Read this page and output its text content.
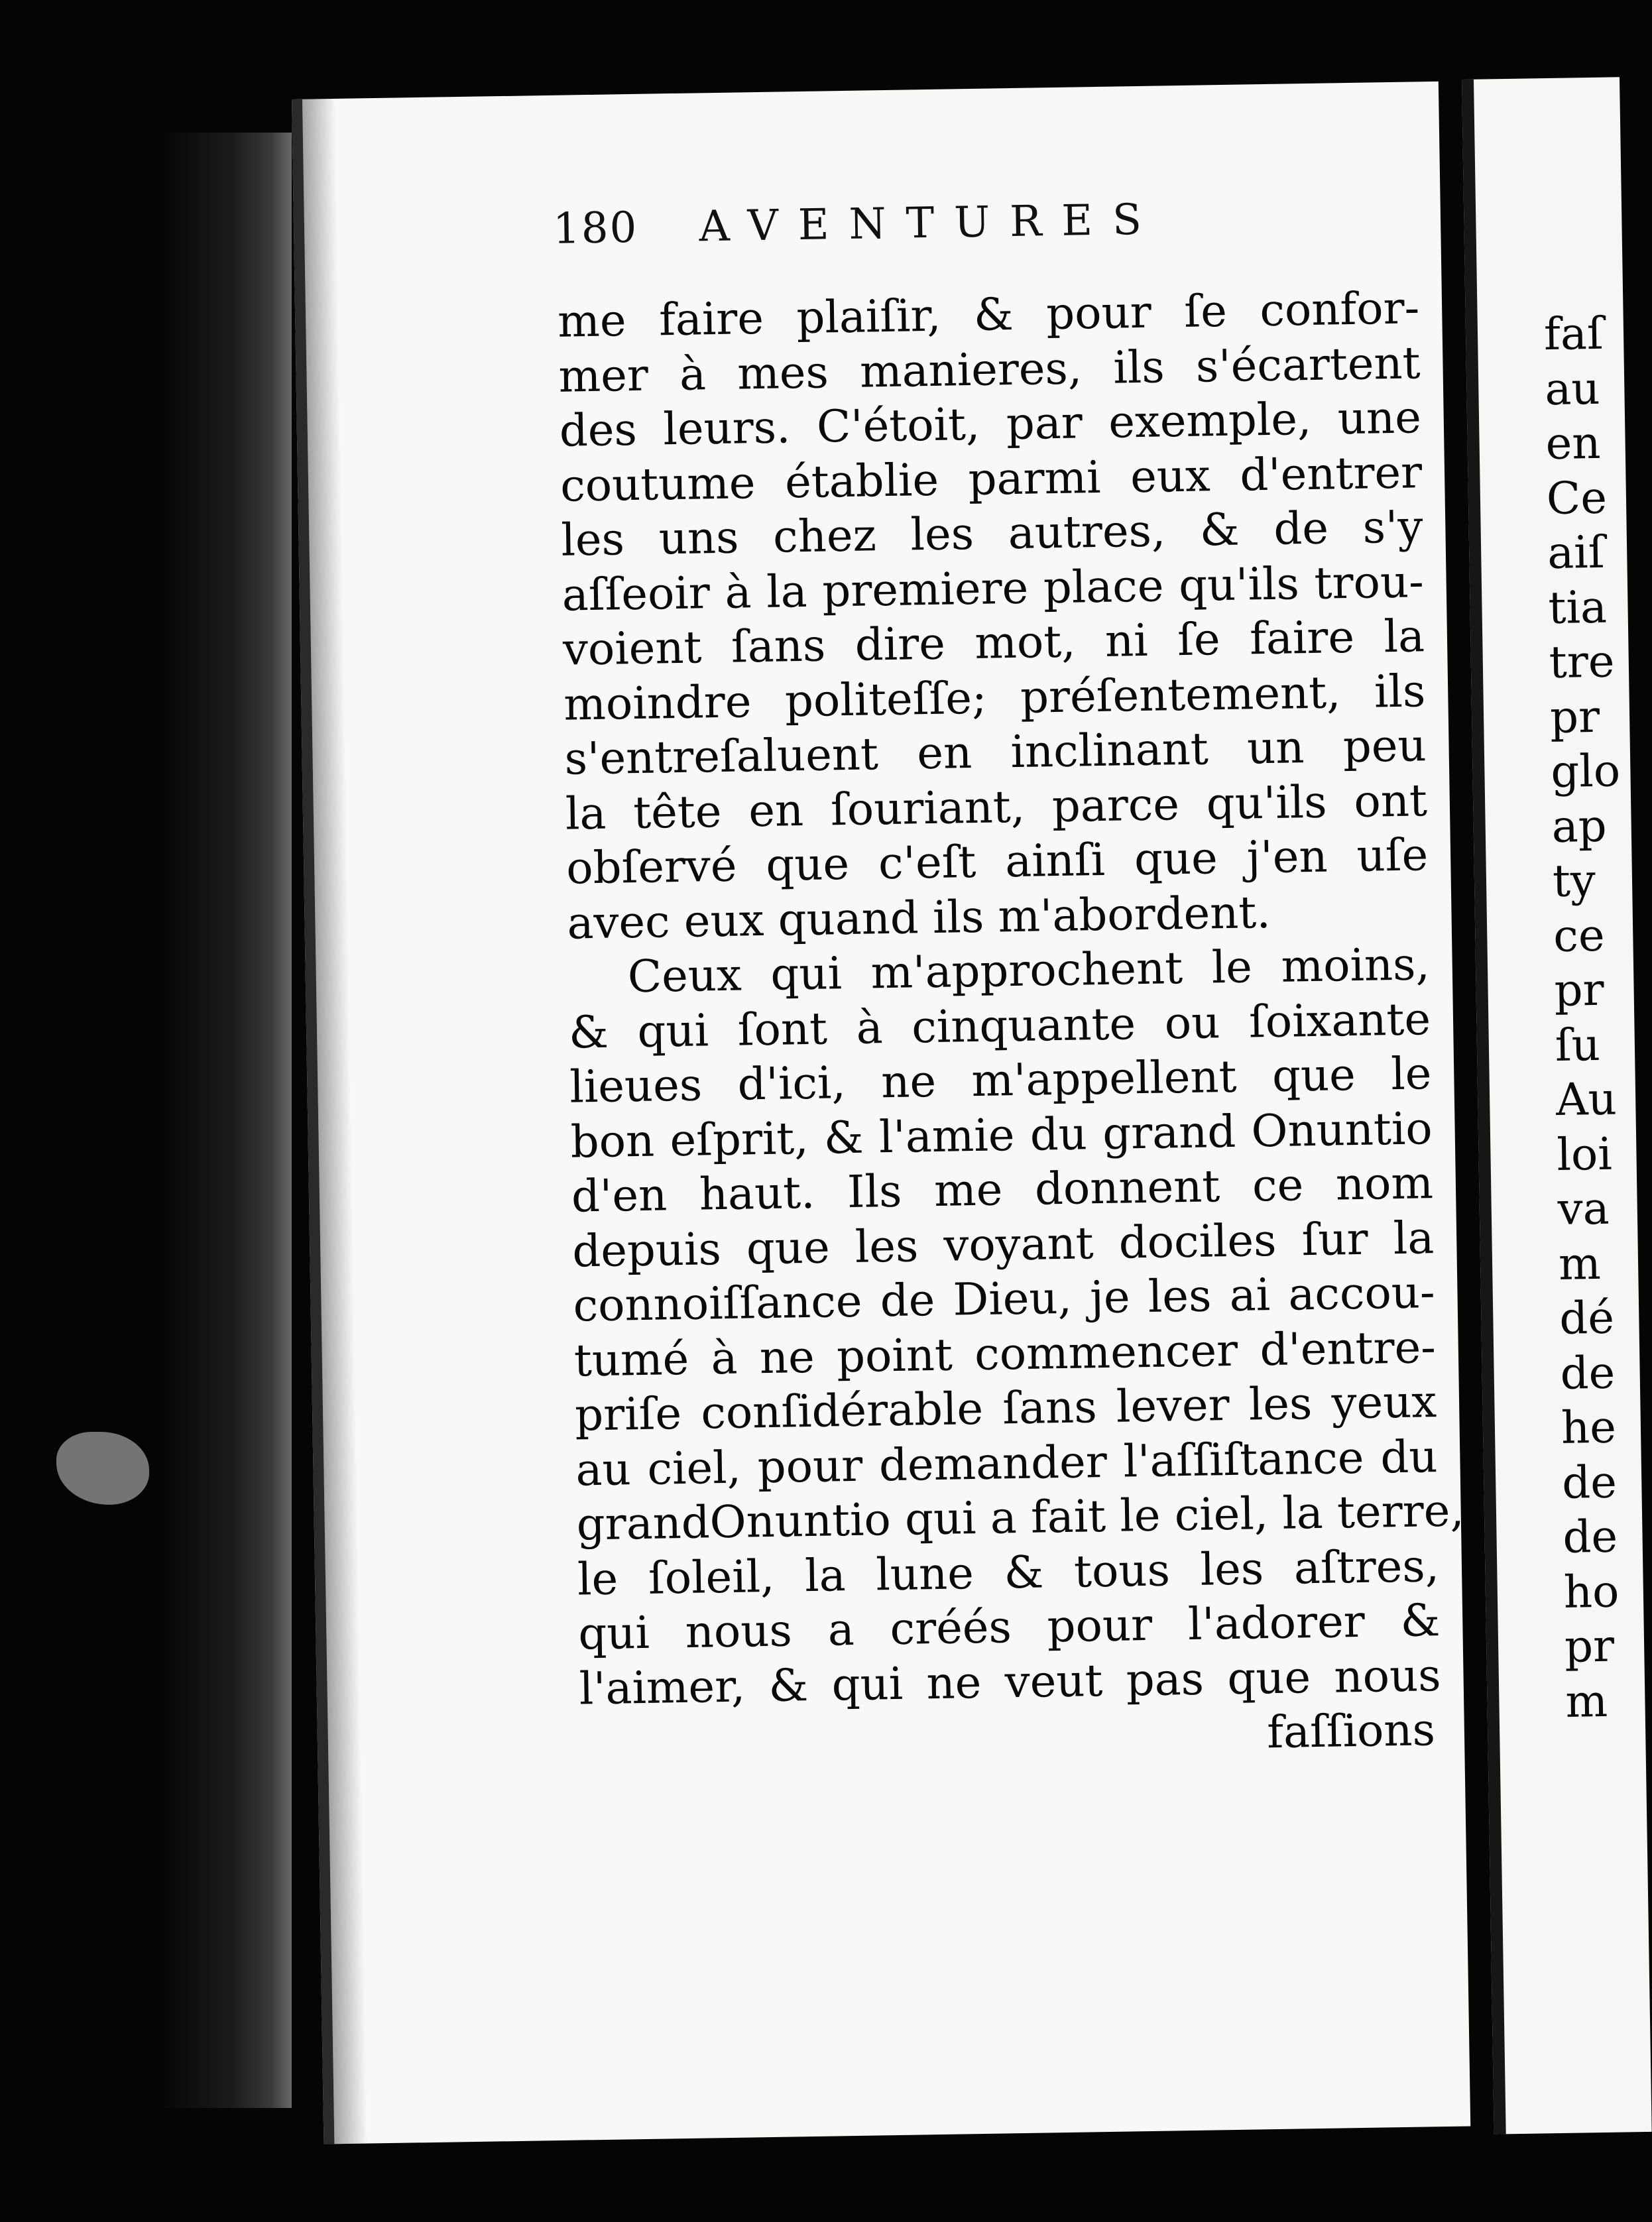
180 AVENTURES
me faire plaiſir, & pour ſe confor-
mer à mes manieres, ils s'écartent
des leurs. C'étoit, par exemple, une
coutume établie parmi eux d'entrer
les uns chez les autres, & de s'y
aſſeoir à la premiere place qu'ils trou-
voient ſans dire mot, ni ſe faire la
moindre politeſſe; préſentement, ils
s'entreſaluent en inclinant un peu
la tête en ſouriant, parce qu'ils ont
obſervé que c'eſt ainſi que j'en uſe
avec eux quand ils m'abordent.
Ceux qui m'approchent le moins,
& qui ſont à cinquante ou ſoixante
lieues d'ici, ne m'appellent que le
bon eſprit, & l'amie du grand Onuntio
d'en haut. Ils me donnent ce nom
depuis que les voyant dociles ſur la
connoiſſance de Dieu, je les ai accou-
tumé à ne point commencer d'entre-
priſe conſidérable ſans lever les yeux
au ciel, pour demander l'aſſiſtance du
grandOnuntio qui a fait le ciel, la terre,
le ſoleil, la lune & tous les aſtres,
qui nous a créés pour l'adorer &
l'aimer, & qui ne veut pas que nous
faſſions
faſ
au
en
Ce
aiſ
tia
tre
pr
glo
ap
ty
ce
pr
ſu
Au
loi
va
m
dé
de
he
de
de
ho
pr
m
